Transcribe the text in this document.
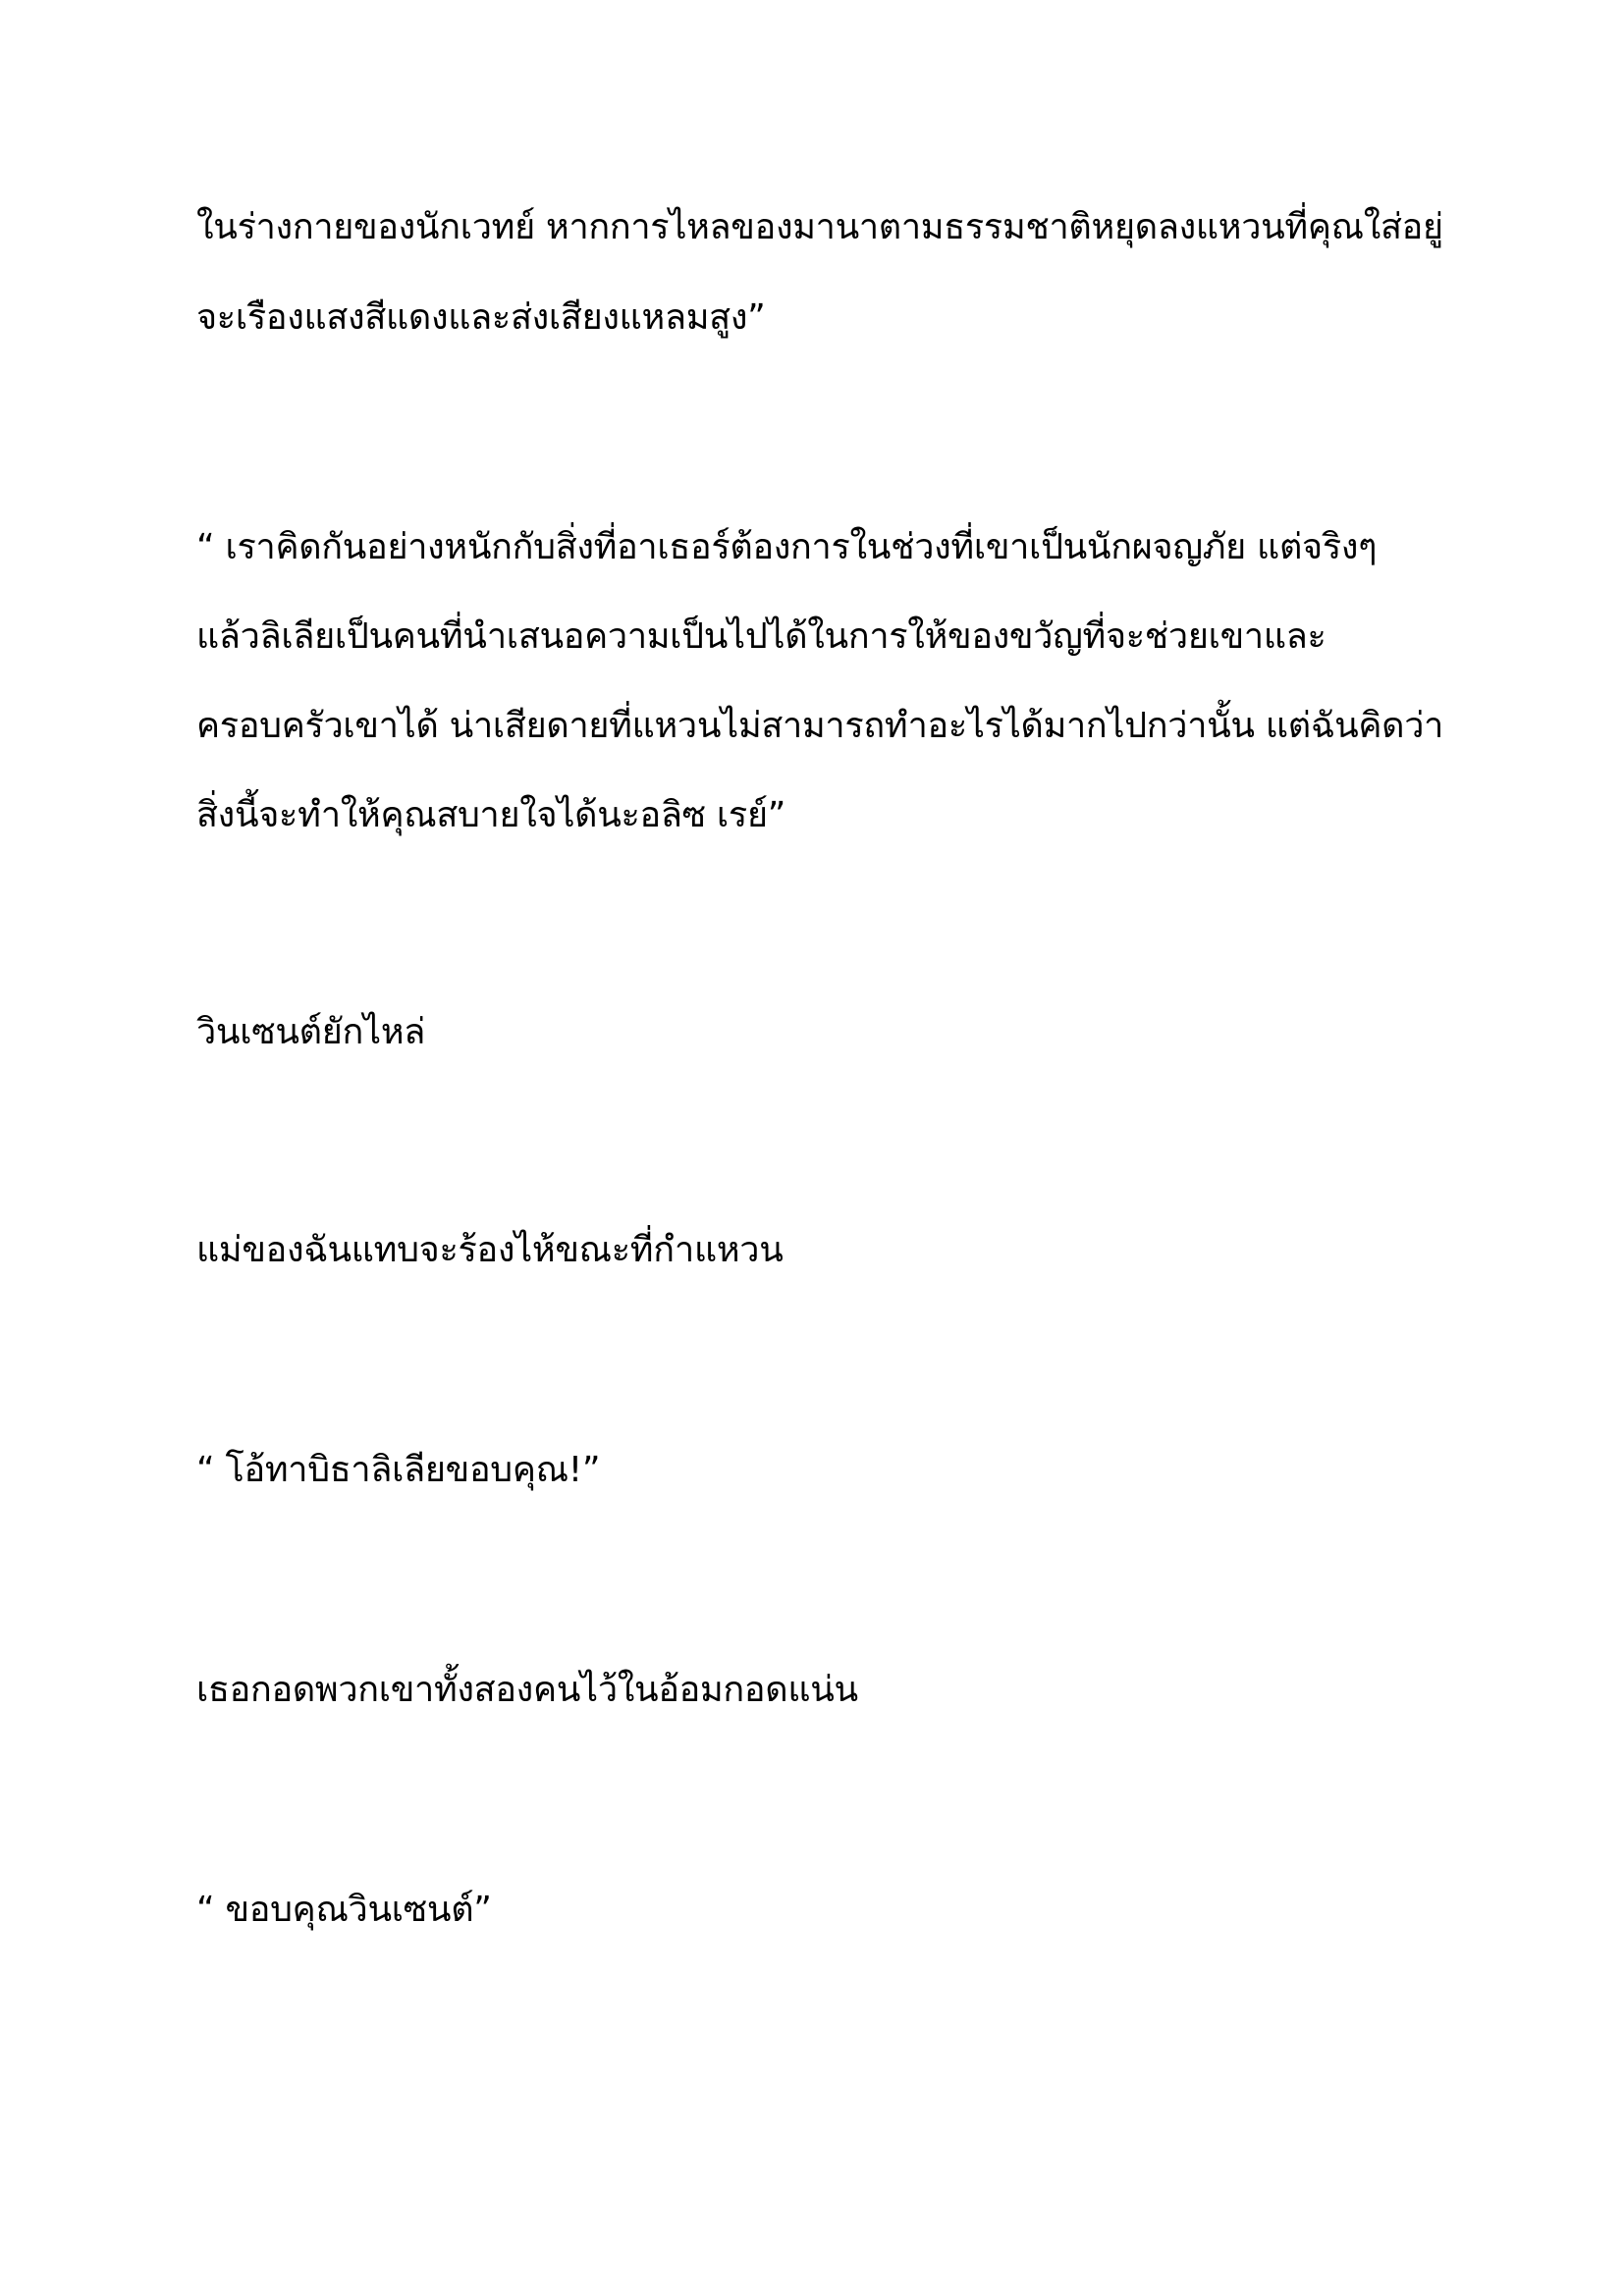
ในร่างกายของนักเวทย์ หากการไหลของมานาตามธรรมชาติหยุดลงแหวนที่คุณใส่อยู่
จะเรืองแสงสีแดงและส่งเสียงแหลมสูง”
“ เราคิดกันอย่างหนักกับสิ่งที่อาเธอร์ต้องการในช่วงที่เขาเป็นนักผจญภัย แต่จริงๆ
แล้วลิเลียเป็นคนที่นำเสนอความเป็นไปได้ในการให้ของขวัญที่จะช่วยเขาและ
ครอบครัวเขาได้ น่าเสียดายที่แหวนไม่สามารถทำอะไรได้มากไปกว่านั้น แต่ฉันคิดว่า
สิ่งนี้จะทำให้คุณสบายใจได้นะอลิซ เรย์”
วินเซนต์ยักไหล่
แม่ของฉันแทบจะร้องไห้ขณะที่กำแหวน
“ โอ้ทาบิธาลิเลียขอบคุณ!”
เธอกอดพวกเขาทั้งสองคนไว้ในอ้อมกอดแน่น
“ ขอบคุณวินเซนต์”
